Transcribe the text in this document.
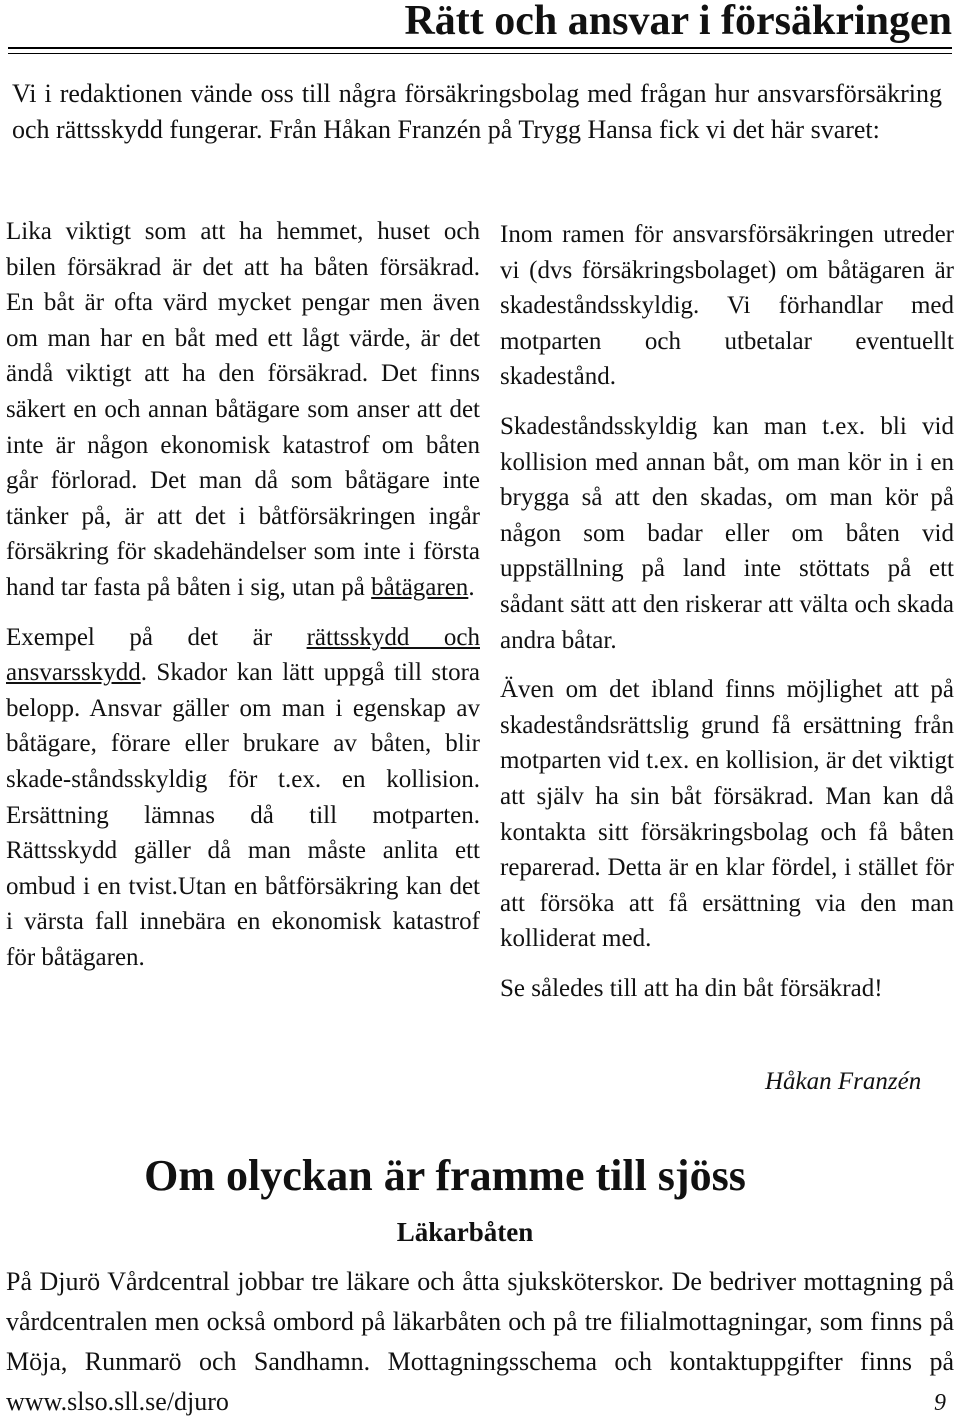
Rätt och ansvar i försäkringen

Vi i redaktionen vände oss till några försäkringsbolag med frågan hur ansvarsförsäkring och rättsskydd fungerar. Från Håkan Franzén på Trygg Hansa fick vi det här svaret:

Lika viktigt som att ha hemmet, huset och bilen försäkrad är det att ha båten försäkrad. En båt är ofta värd mycket pengar men även om man har en båt med ett lågt värde, är det ändå viktigt att ha den försäkrad. Det finns säkert en och annan båtägare som anser att det inte är någon ekonomisk katastrof om båten går förlorad. Det man då som båtägare inte tänker på, är att det i båtförsäkringen ingår försäkring för skadehändelser som inte i första hand tar fasta på båten i sig, utan på båtägaren.

Exempel på det är rättsskydd och ansvarsskydd. Skador kan lätt uppgå till stora belopp. Ansvar gäller om man i egenskap av båtägare, förare eller brukare av båten, blir skade-ståndsskyldig för t.ex. en kollision. Ersättning lämnas då till motparten. Rättsskydd gäller då man måste anlita ett ombud i en tvist.Utan en båtförsäkring kan det i värsta fall innebära en ekonomisk katastrof för båtägaren.

Inom ramen för ansvarsförsäkringen utreder vi (dvs försäkringsbolaget) om båtägaren är skadeståndsskyldig. Vi förhandlar med motparten och utbetalar eventuellt skadestånd.

Skadeståndsskyldig kan man t.ex. bli vid kollision med annan båt, om man kör in i en brygga så att den skadas, om man kör på någon som badar eller om båten vid uppställning på land inte stöttats på ett sådant sätt att den riskerar att välta och skada andra båtar.

Även om det ibland finns möjlighet att på skadeståndsrättslig grund få ersättning från motparten vid t.ex. en kollision, är det viktigt att själv ha sin båt försäkrad. Man kan då kontakta sitt försäkringsbolag och få båten reparerad. Detta är en klar fördel, i stället för att försöka att få ersättning via den man kolliderat med.

Se således till att ha din båt försäkrad!

Håkan Franzén

Om olyckan är framme till sjöss
Läkarbåten

På Djurö Vårdcentral jobbar tre läkare och åtta sjuksköterskor. De bedriver mottagning på vårdcentralen men också ombord på läkarbåten och på tre filialmottagningar, som finns på Möja, Runmarö och Sandhamn. Mottagningsschema och kontaktuppgifter finns på www.slso.sll.se/djuro	9
